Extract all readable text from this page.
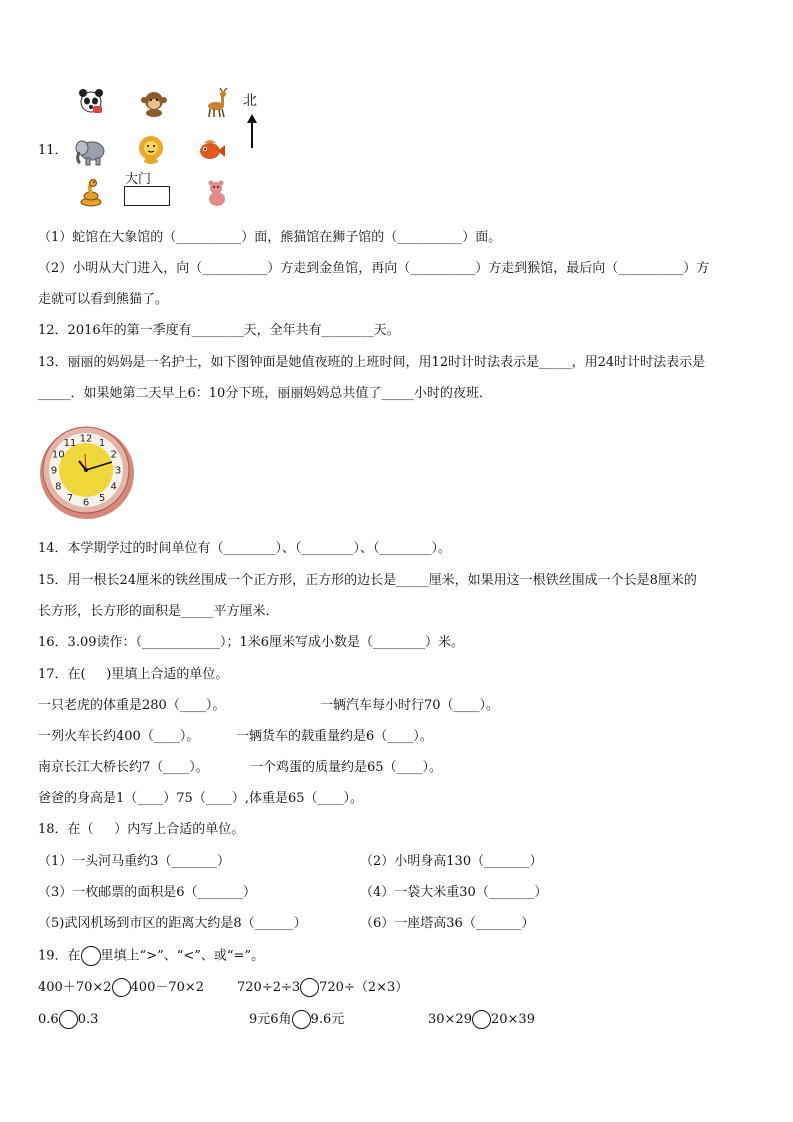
11．
北
大门
（1）蛇馆在大象馆的（__________）面，熊猫馆在狮子馆的（__________）面。
（2）小明从大门进入，向（__________）方走到金鱼馆，再向（__________）方走到猴馆，最后向（__________）方
走就可以看到熊猫了。
12．2016年的第一季度有________天，全年共有________天。
13．丽丽的妈妈是一名护士，如下图钟面是她值夜班的上班时间，用12时计时法表示是_____，用24时计时法表示是
_____．如果她第二天早上6：10分下班，丽丽妈妈总共值了_____小时的夜班．
12 1
2
3
4
5
6
7
8
9
10
11
14．本学期学过的时间单位有（________）、（________）、（________）。
15．用一根长24厘米的铁丝围成一个正方形，正方形的边长是_____厘米，如果用这一根铁丝围成一个长是8厘米的
长方形，长方形的面积是_____平方厘米．
16．3.09读作：（____________）；1米6厘米写成小数是（________）米。
17．在(     )里填上合适的单位。
一只老虎的体重是280（____）。	一辆汽车每小时行70（____）。
一列火车长约400（____）。	一辆货车的载重量约是6（____）。
南京长江大桥长约7（____）。	一个鸡蛋的质量约是65（____）。
爸爸的身高是1（____）75（____）,体重是65（____）。
18．在（     ）内写上合适的单位。
（1）一头河马重约3（_______）	（2）小明身高130（_______）
（3）一枚邮票的面积是6（_______）	（4）一袋大米重30（_______）
（5)武冈机场到市区的距离大约是8（______）	（6）一座塔高36（_______）
19．在 里填上“>”、“<”、或“=”。
400＋70×2 400－70×2	720÷2÷3 720÷（2×3）
0.6 0.3	9元6角 9.6元	30×29 20×39
